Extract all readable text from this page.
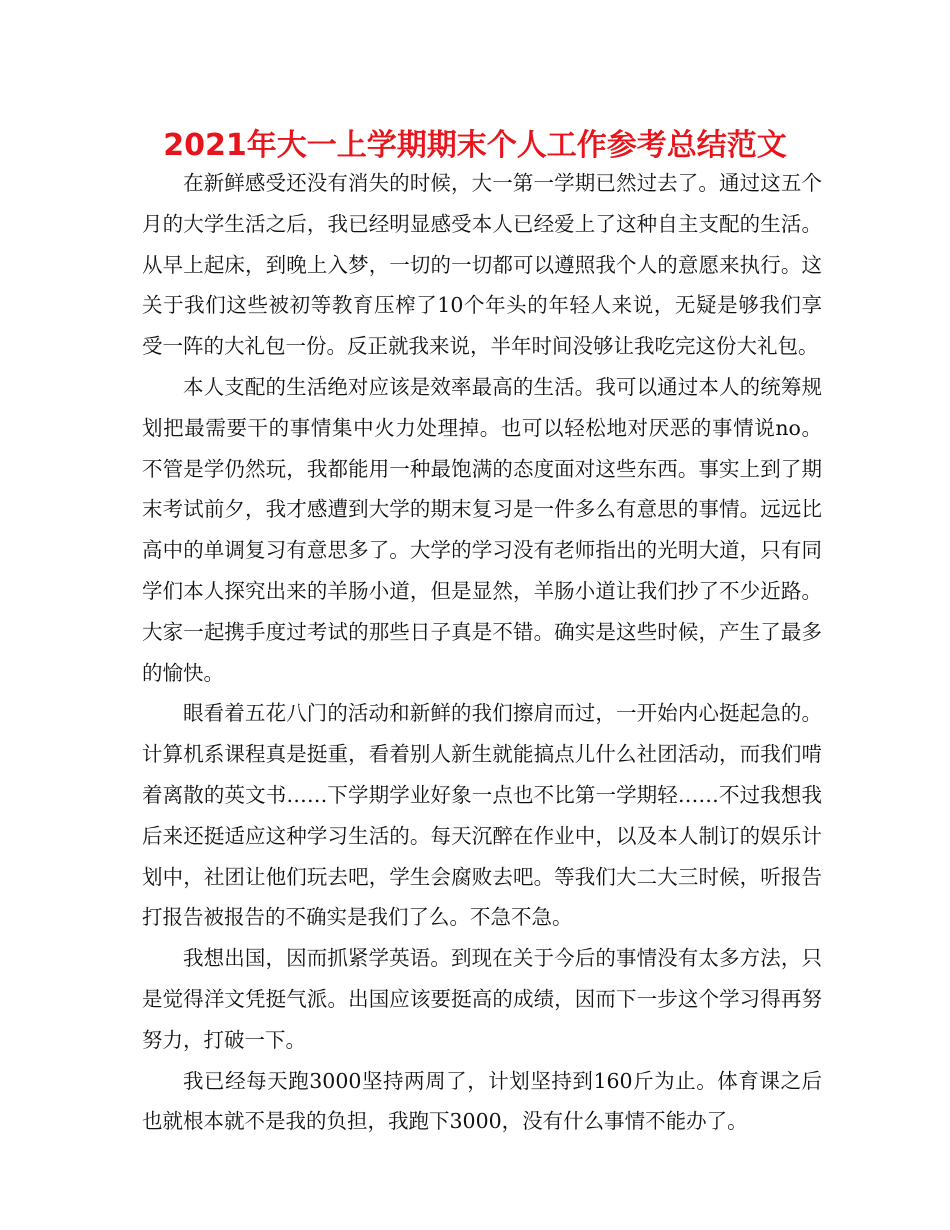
2021年大一上学期期末个人工作参考总结范文

在新鲜感受还没有消失的时候，大一第一学期已然过去了。通过这五个月的大学生活之后，我已经明显感受本人已经爱上了这种自主支配的生活。从早上起床，到晚上入梦，一切的一切都可以遵照我个人的意愿来执行。这关于我们这些被初等教育压榨了10个年头的年轻人来说，无疑是够我们享受一阵的大礼包一份。反正就我来说，半年时间没够让我吃完这份大礼包。

本人支配的生活绝对应该是效率最高的生活。我可以通过本人的统筹规划把最需要干的事情集中火力处理掉。也可以轻松地对厌恶的事情说no。不管是学仍然玩，我都能用一种最饱满的态度面对这些东西。事实上到了期末考试前夕，我才感遭到大学的期末复习是一件多么有意思的事情。远远比高中的单调复习有意思多了。大学的学习没有老师指出的光明大道，只有同学们本人探究出来的羊肠小道，但是显然，羊肠小道让我们抄了不少近路。大家一起携手度过考试的那些日子真是不错。确实是这些时候，产生了最多的愉快。

眼看着五花八门的活动和新鲜的我们擦肩而过，一开始内心挺起急的。计算机系课程真是挺重，看着别人新生就能搞点儿什么社团活动，而我们啃着离散的英文书……下学期学业好象一点也不比第一学期轻……不过我想我后来还挺适应这种学习生活的。每天沉醉在作业中，以及本人制订的娱乐计划中，社团让他们玩去吧，学生会腐败去吧。等我们大二大三时候，听报告打报告被报告的不确实是我们了么。不急不急。

我想出国，因而抓紧学英语。到现在关于今后的事情没有太多方法，只是觉得洋文凭挺气派。出国应该要挺高的成绩，因而下一步这个学习得再努努力，打破一下。

我已经每天跑3000坚持两周了，计划坚持到160斤为止。体育课之后也就根本就不是我的负担，我跑下3000，没有什么事情不能办了。
